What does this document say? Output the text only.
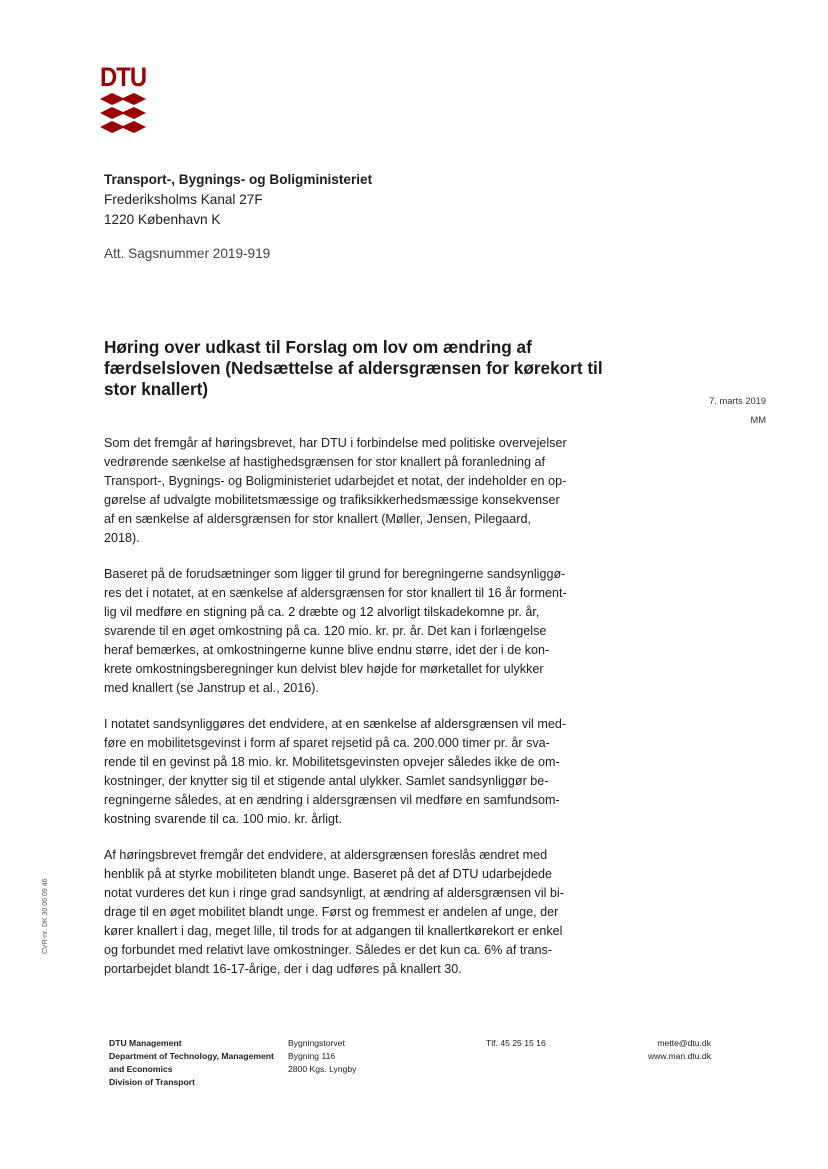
DTU
Transport-, Bygnings- og Boligministeriet
Frederiksholms Kanal 27F
1220 København K
Att. Sagsnummer 2019-919
Høring over udkast til Forslag om lov om ændring af færdselsloven (Nedsættelse af aldersgrænsen for kørekort til stor knallert)
7. marts 2019
MM
Som det fremgår af høringsbrevet, har DTU i forbindelse med politiske overvejelser
vedrørende sænkelse af hastighedsgrænsen for stor knallert på foranledning af
Transport-, Bygnings- og Boligministeriet udarbejdet et notat, der indeholder en op-
gørelse af udvalgte mobilitetsmæssige og trafiksikkerhedsmæssige konsekvenser
af en sænkelse af aldersgrænsen for stor knallert (Møller, Jensen, Pilegaard,
2018).
Baseret på de forudsætninger som ligger til grund for beregningerne sandsynliggø-
res det i notatet, at en sænkelse af aldersgrænsen for stor knallert til 16 år forment-
lig vil medføre en stigning på ca. 2 dræbte og 12 alvorligt tilskadekomne pr. år,
svarende til en øget omkostning på ca. 120 mio. kr. pr. år. Det kan i forlængelse
heraf bemærkes, at omkostningerne kunne blive endnu større, idet der i de kon-
krete omkostningsberegninger kun delvist blev højde for mørketallet for ulykker
med knallert (se Janstrup et al., 2016).
I notatet sandsynliggøres det endvidere, at en sænkelse af aldersgrænsen vil med-
føre en mobilitetsgevinst i form af sparet rejsetid på ca. 200.000 timer pr. år sva-
rende til en gevinst på 18 mio. kr. Mobilitetsgevinsten opvejer således ikke de om-
kostninger, der knytter sig til et stigende antal ulykker. Samlet sandsynliggør be-
regningerne således, at en ændring i aldersgrænsen vil medføre en samfundsom-
kostning svarende til ca. 100 mio. kr. årligt.
Af høringsbrevet fremgår det endvidere, at aldersgrænsen foreslås ændret med
henblik på at styrke mobiliteten blandt unge. Baseret på det af DTU udarbejdede
notat vurderes det kun i ringe grad sandsynligt, at ændring af aldersgrænsen vil bi-
drage til en øget mobilitet blandt unge. Først og fremmest er andelen af unge, der
kører knallert i dag, meget lille, til trods for at adgangen til knallertkørekort er enkel
og forbundet med relativt lave omkostninger. Således er det kun ca. 6% af trans-
portarbejdet blandt 16-17-årige, der i dag udføres på knallert 30.
CVR-nr. DK 30 06 09 46
DTU Management
Department of Technology, Management
and Economics
Division of Transport
Bygningstorvet
Bygning 116
2800 Kgs. Lyngby
Tlf. 45 25 15 16	mette@dtu.dk
www.man.dtu.dk
